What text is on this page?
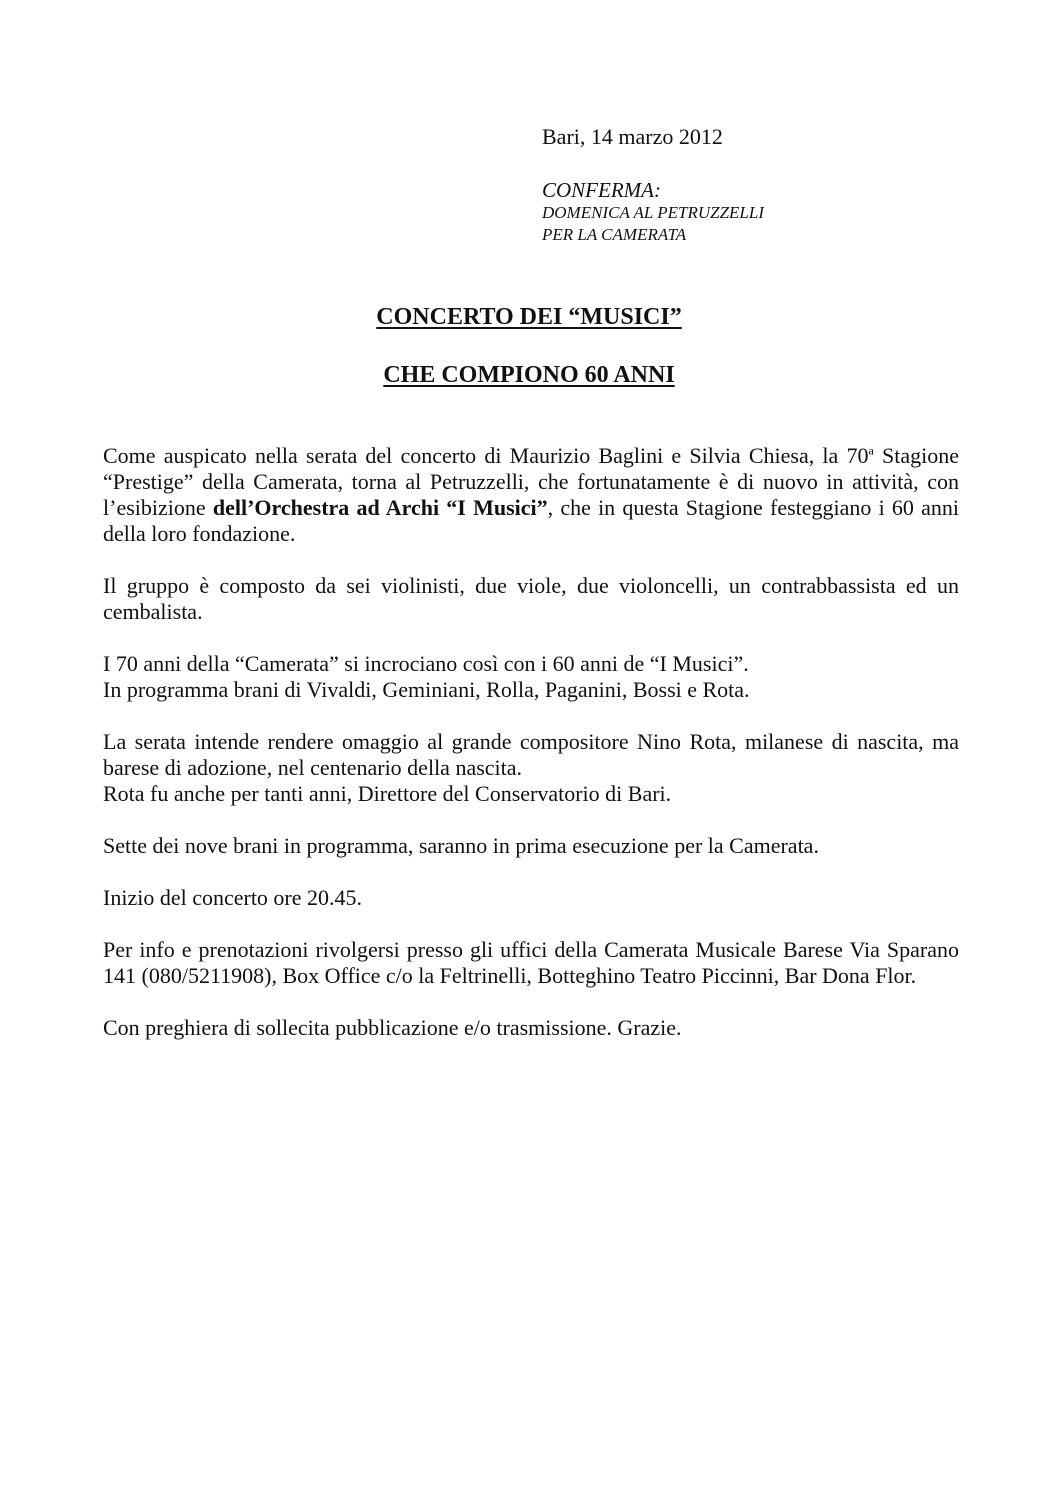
Bari, 14 marzo 2012
CONFERMA:
DOMENICA AL PETRUZZELLI
PER LA CAMERATA
CONCERTO DEI “MUSICI”
CHE COMPIONO 60 ANNI

Come auspicato nella serata del concerto di Maurizio Baglini e Silvia Chiesa, la 70$^a$ Stagione “Prestige” della Camerata, torna al Petruzzelli, che fortunatamente è di nuovo in attività, con l’esibizione dell’Orchestra ad Archi “I Musici”, che in questa Stagione festeggiano i 60 anni della loro fondazione.

Il gruppo è composto da sei violinisti, due viole, due violoncelli, un contrabbassista ed un cembalista.

I 70 anni della “Camerata” si incrociano così con i 60 anni de “I Musici”.
In programma brani di Vivaldi, Geminiani, Rolla, Paganini, Bossi e Rota.

La serata intende rendere omaggio al grande compositore Nino Rota, milanese di nascita, ma barese di adozione, nel centenario della nascita.

Rota fu anche per tanti anni, Direttore del Conservatorio di Bari.

Sette dei nove brani in programma, saranno in prima esecuzione per la Camerata.

Inizio del concerto ore 20.45.

Per info e prenotazioni rivolgersi presso gli uffici della Camerata Musicale Barese Via Sparano 141 (080/5211908), Box Office c/o la Feltrinelli, Botteghino Teatro Piccinni, Bar Dona Flor.

Con preghiera di sollecita pubblicazione e/o trasmissione. Grazie.
